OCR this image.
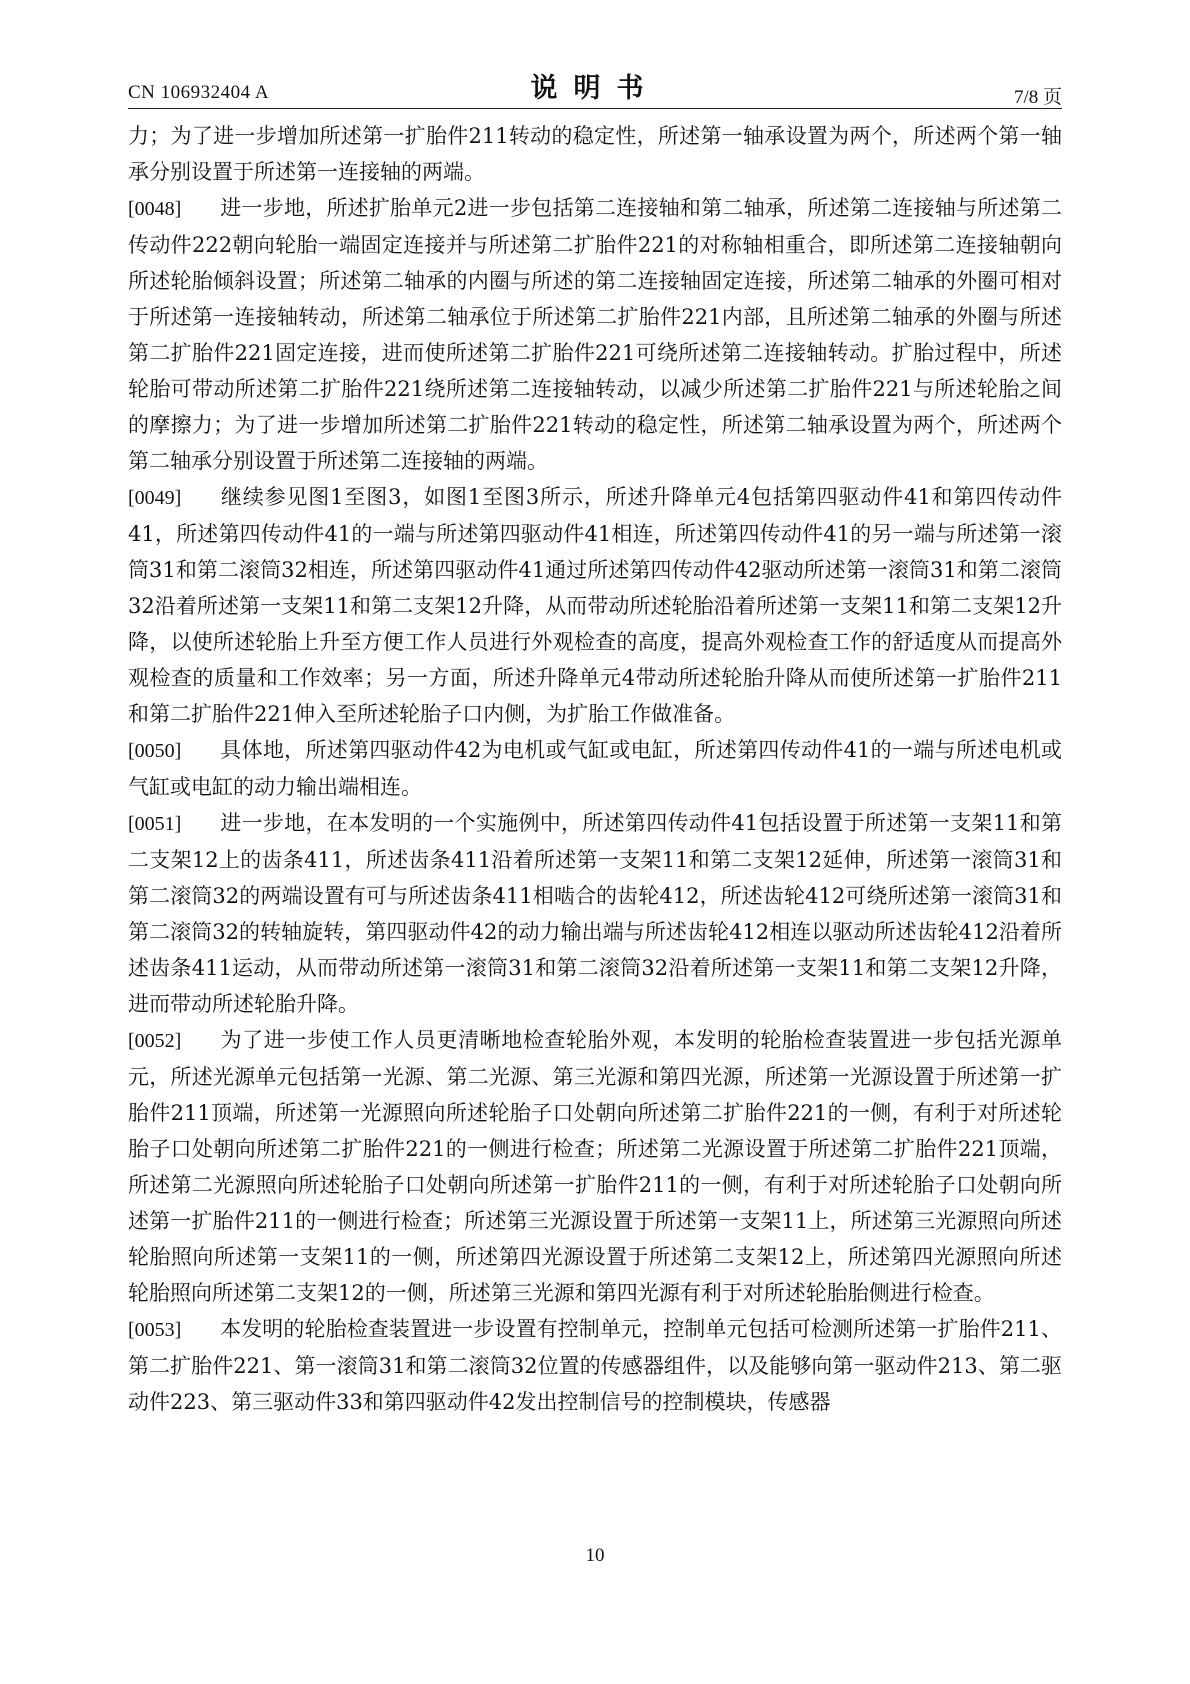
CN 106932404 A	说明书	7/8 页

力；为了进一步增加所述第一扩胎件211转动的稳定性，所述第一轴承设置为两个，所述两个第一轴承分别设置于所述第一连接轴的两端。

[0048] 进一步地，所述扩胎单元2进一步包括第二连接轴和第二轴承，所述第二连接轴与所述第二传动件222朝向轮胎一端固定连接并与所述第二扩胎件221的对称轴相重合，即所述第二连接轴朝向所述轮胎倾斜设置；所述第二轴承的内圈与所述的第二连接轴固定连接，所述第二轴承的外圈可相对于所述第一连接轴转动，所述第二轴承位于所述第二扩胎件221内部，且所述第二轴承的外圈与所述第二扩胎件221固定连接，进而使所述第二扩胎件221可绕所述第二连接轴转动。扩胎过程中，所述轮胎可带动所述第二扩胎件221绕所述第二连接轴转动，以减少所述第二扩胎件221与所述轮胎之间的摩擦力；为了进一步增加所述第二扩胎件221转动的稳定性，所述第二轴承设置为两个，所述两个第二轴承分别设置于所述第二连接轴的两端。

[0049] 继续参见图1至图3，如图1至图3所示，所述升降单元4包括第四驱动件41和第四传动件41，所述第四传动件41的一端与所述第四驱动件41相连，所述第四传动件41的另一端与所述第一滚筒31和第二滚筒32相连，所述第四驱动件41通过所述第四传动件42驱动所述第一滚筒31和第二滚筒32沿着所述第一支架11和第二支架12升降，从而带动所述轮胎沿着所述第一支架11和第二支架12升降，以使所述轮胎上升至方便工作人员进行外观检查的高度，提高外观检查工作的舒适度从而提高外观检查的质量和工作效率；另一方面，所述升降单元4带动所述轮胎升降从而使所述第一扩胎件211和第二扩胎件221伸入至所述轮胎子口内侧，为扩胎工作做准备。

[0050] 具体地，所述第四驱动件42为电机或气缸或电缸，所述第四传动件41的一端与所述电机或气缸或电缸的动力输出端相连。

[0051] 进一步地，在本发明的一个实施例中，所述第四传动件41包括设置于所述第一支架11和第二支架12上的齿条411，所述齿条411沿着所述第一支架11和第二支架12延伸，所述第一滚筒31和第二滚筒32的两端设置有可与所述齿条411相啮合的齿轮412，所述齿轮412可绕所述第一滚筒31和第二滚筒32的转轴旋转，第四驱动件42的动力输出端与所述齿轮412相连以驱动所述齿轮412沿着所述齿条411运动，从而带动所述第一滚筒31和第二滚筒32沿着所述第一支架11和第二支架12升降，进而带动所述轮胎升降。

[0052] 为了进一步使工作人员更清晰地检查轮胎外观，本发明的轮胎检查装置进一步包括光源单元，所述光源单元包括第一光源、第二光源、第三光源和第四光源，所述第一光源设置于所述第一扩胎件211顶端，所述第一光源照向所述轮胎子口处朝向所述第二扩胎件221的一侧，有利于对所述轮胎子口处朝向所述第二扩胎件221的一侧进行检查；所述第二光源设置于所述第二扩胎件221顶端，所述第二光源照向所述轮胎子口处朝向所述第一扩胎件211的一侧，有利于对所述轮胎子口处朝向所述第一扩胎件211的一侧进行检查；所述第三光源设置于所述第一支架11上，所述第三光源照向所述轮胎照向所述第一支架11的一侧，所述第四光源设置于所述第二支架12上，所述第四光源照向所述轮胎照向所述第二支架12的一侧，所述第三光源和第四光源有利于对所述轮胎胎侧进行检查。

[0053] 本发明的轮胎检查装置进一步设置有控制单元，控制单元包括可检测所述第一扩胎件211、第二扩胎件221、第一滚筒31和第二滚筒32位置的传感器组件，以及能够向第一驱动件213、第二驱动件223、第三驱动件33和第四驱动件42发出控制信号的控制模块，传感器

10
